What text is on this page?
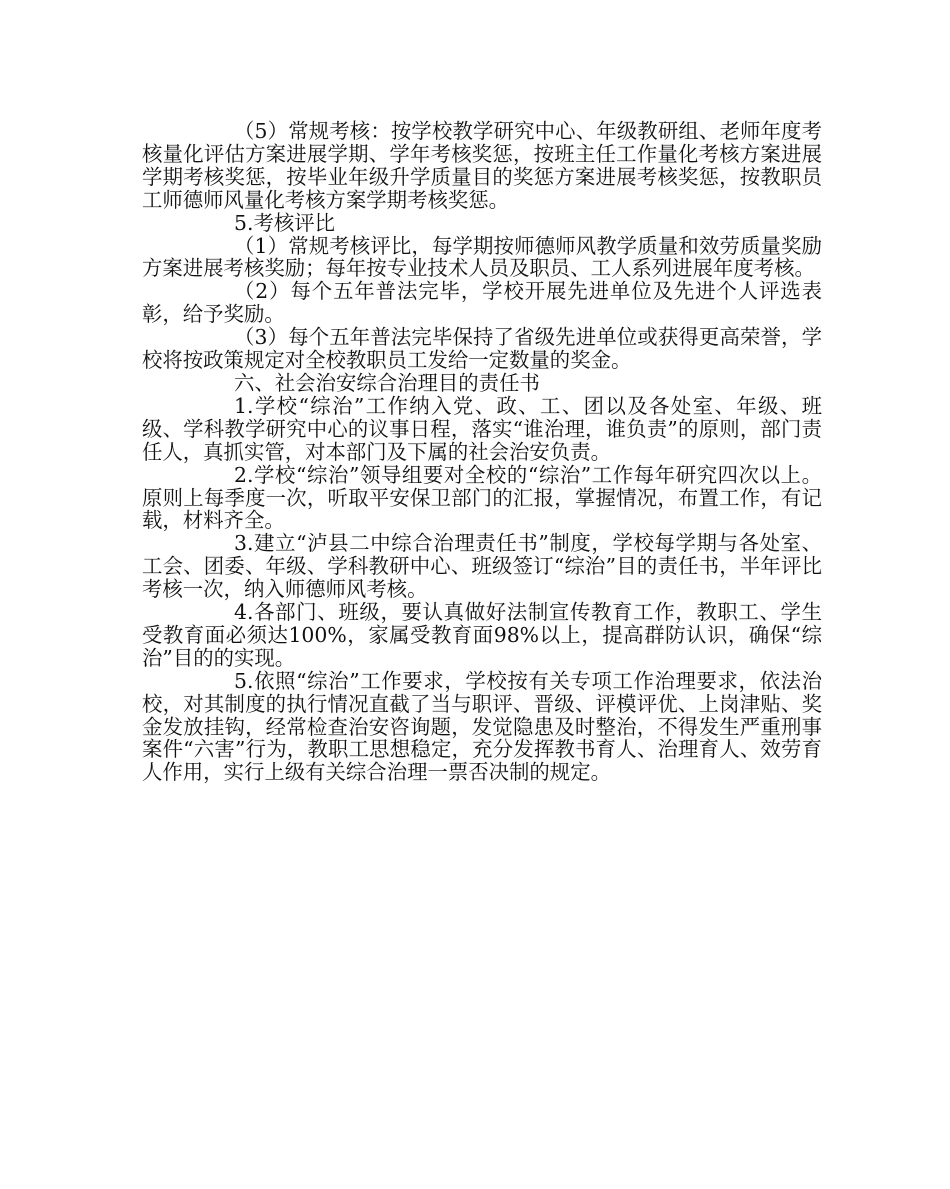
（5）常规考核：按学校教学研究中心、年级教研组、老师年度考核量化评估方案进展学期、学年考核奖惩，按班主任工作量化考核方案进展学期考核奖惩，按毕业年级升学质量目的奖惩方案进展考核奖惩，按教职员工师德师风量化考核方案学期考核奖惩。

5.考核评比

（1）常规考核评比，每学期按师德师风教学质量和效劳质量奖励方案进展考核奖励；每年按专业技术人员及职员、工人系列进展年度考核。

（2）每个五年普法完毕，学校开展先进单位及先进个人评选表彰，给予奖励。

（3）每个五年普法完毕保持了省级先进单位或获得更高荣誉，学校将按政策规定对全校教职员工发给一定数量的奖金。

六、社会治安综合治理目的责任书

1.学校“综治”工作纳入党、政、工、团以及各处室、年级、班级、学科教学研究中心的议事日程，落实“谁治理，谁负责”的原则，部门责任人，真抓实管，对本部门及下属的社会治安负责。

2.学校“综治”领导组要对全校的“综治”工作每年研究四次以上。原则上每季度一次，听取平安保卫部门的汇报，掌握情况，布置工作，有记载，材料齐全。

3.建立“泸县二中综合治理责任书”制度，学校每学期与各处室、工会、团委、年级、学科教研中心、班级签订“综治”目的责任书，半年评比考核一次，纳入师德师风考核。

4.各部门、班级，要认真做好法制宣传教育工作，教职工、学生受教育面必须达100%，家属受教育面98%以上，提高群防认识，确保“综治”目的的实现。

5.依照“综治”工作要求，学校按有关专项工作治理要求，依法治校，对其制度的执行情况直截了当与职评、晋级、评模评优、上岗津贴、奖金发放挂钩，经常检查治安咨询题，发觉隐患及时整治，不得发生严重刑事案件“六害”行为，教职工思想稳定，充分发挥教书育人、治理育人、效劳育人作用，实行上级有关综合治理一票否决制的规定。
